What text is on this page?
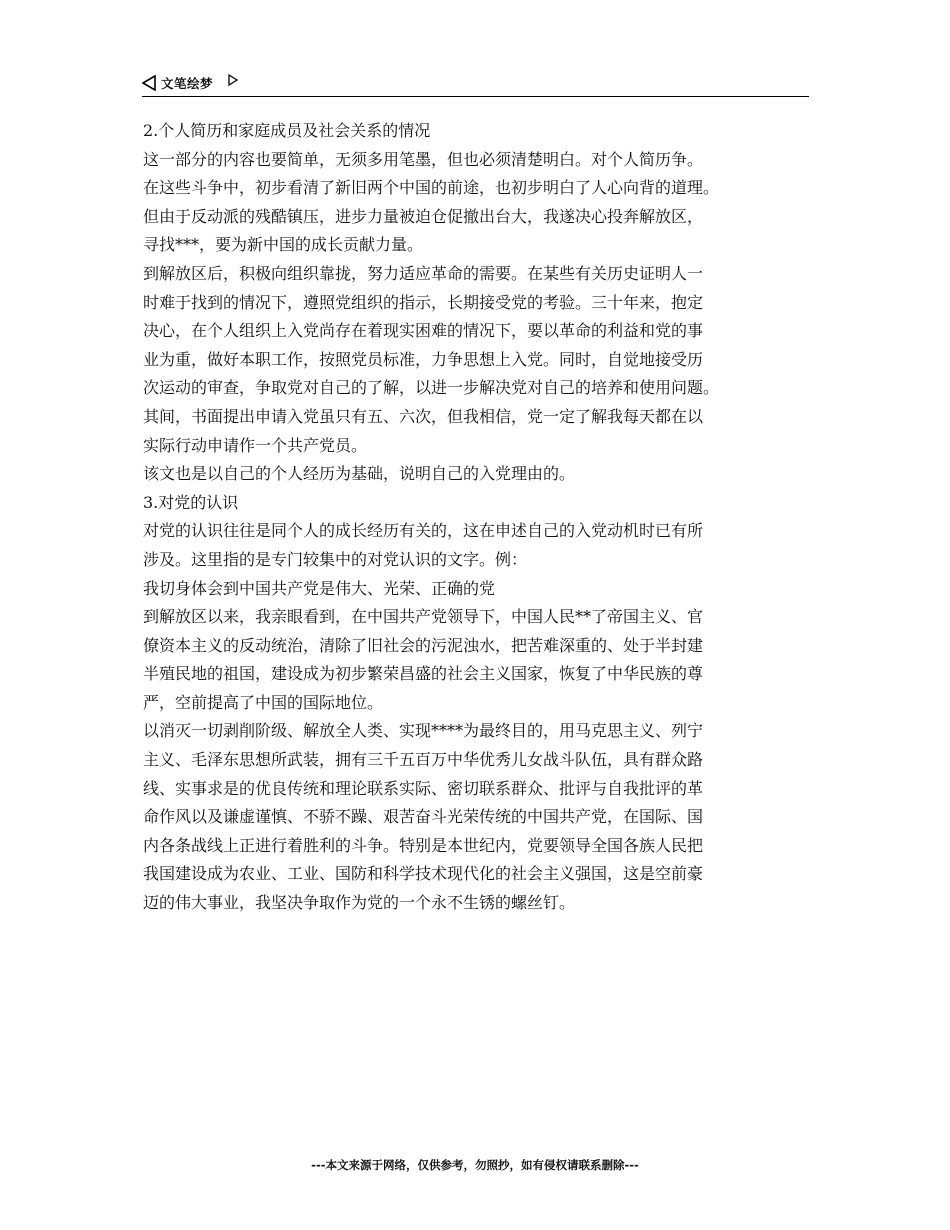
文笔绘梦
2.个人简历和家庭成员及社会关系的情况
这一部分的内容也要简单，无须多用笔墨，但也必须清楚明白。对个人简历争。
在这些斗争中，初步看清了新旧两个中国的前途，也初步明白了人心向背的道理。
但由于反动派的残酷镇压，进步力量被迫仓促撤出台大，我遂决心投奔解放区，
寻找***，要为新中国的成长贡献力量。
到解放区后，积极向组织靠拢，努力适应革命的需要。在某些有关历史证明人一
时难于找到的情况下，遵照党组织的指示，长期接受党的考验。三十年来，抱定
决心，在个人组织上入党尚存在着现实困难的情况下，要以革命的利益和党的事
业为重，做好本职工作，按照党员标准，力争思想上入党。同时，自觉地接受历
次运动的审查，争取党对自己的了解，以进一步解决党对自己的培养和使用问题。
其间，书面提出申请入党虽只有五、六次，但我相信，党一定了解我每天都在以
实际行动申请作一个共产党员。
该文也是以自己的个人经历为基础，说明自己的入党理由的。
3.对党的认识
对党的认识往往是同个人的成长经历有关的，这在申述自己的入党动机时已有所
涉及。这里指的是专门较集中的对党认识的文字。例：
我切身体会到中国共产党是伟大、光荣、正确的党
到解放区以来，我亲眼看到，在中国共产党领导下，中国人民**了帝国主义、官
僚资本主义的反动统治，清除了旧社会的污泥浊水，把苦难深重的、处于半封建
半殖民地的祖国，建设成为初步繁荣昌盛的社会主义国家，恢复了中华民族的尊
严，空前提高了中国的国际地位。
以消灭一切剥削阶级、解放全人类、实现****为最终目的，用马克思主义、列宁
主义、毛泽东思想所武装，拥有三千五百万中华优秀儿女战斗队伍，具有群众路
线、实事求是的优良传统和理论联系实际、密切联系群众、批评与自我批评的革
命作风以及谦虚谨慎、不骄不躁、艰苦奋斗光荣传统的中国共产党，在国际、国
内各条战线上正进行着胜利的斗争。特别是本世纪内，党要领导全国各族人民把
我国建设成为农业、工业、国防和科学技术现代化的社会主义强国，这是空前豪
迈的伟大事业，我坚决争取作为党的一个永不生锈的螺丝钉。
---本文来源于网络，仅供参考，勿照抄，如有侵权请联系删除---
